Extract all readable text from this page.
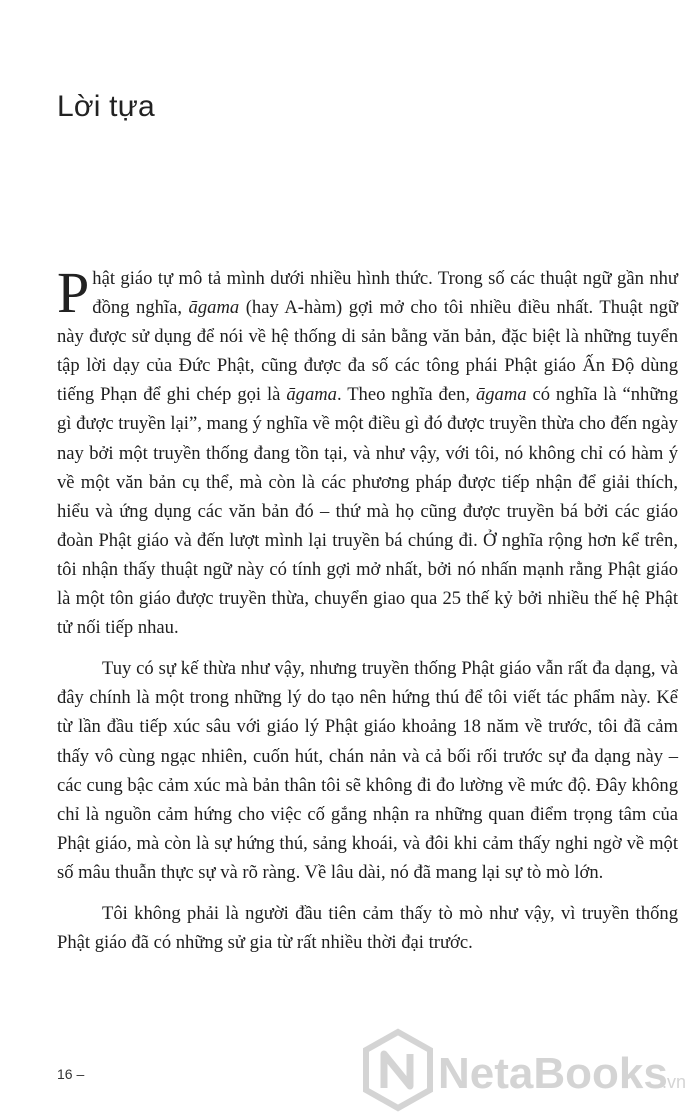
Lời tựa

Phật giáo tự mô tả mình dưới nhiều hình thức. Trong số các thuật ngữ gần như đồng nghĩa, āgama (hay A-hàm) gợi mở cho tôi nhiều điều nhất. Thuật ngữ này được sử dụng để nói về hệ thống di sản bằng văn bản, đặc biệt là những tuyển tập lời dạy của Đức Phật, cũng được đa số các tông phái Phật giáo Ấn Độ dùng tiếng Phạn để ghi chép gọi là āgama. Theo nghĩa đen, āgama có nghĩa là “những gì được truyền lại”, mang ý nghĩa về một điều gì đó được truyền thừa cho đến ngày nay bởi một truyền thống đang tồn tại, và như vậy, với tôi, nó không chỉ có hàm ý về một văn bản cụ thể, mà còn là các phương pháp được tiếp nhận để giải thích, hiểu và ứng dụng các văn bản đó – thứ mà họ cũng được truyền bá bởi các giáo đoàn Phật giáo và đến lượt mình lại truyền bá chúng đi. Ở nghĩa rộng hơn kể trên, tôi nhận thấy thuật ngữ này có tính gợi mở nhất, bởi nó nhấn mạnh rằng Phật giáo là một tôn giáo được truyền thừa, chuyển giao qua 25 thế kỷ bởi nhiều thế hệ Phật tử nối tiếp nhau.

Tuy có sự kế thừa như vậy, nhưng truyền thống Phật giáo vẫn rất đa dạng, và đây chính là một trong những lý do tạo nên hứng thú để tôi viết tác phẩm này. Kể từ lần đầu tiếp xúc sâu với giáo lý Phật giáo khoảng 18 năm về trước, tôi đã cảm thấy vô cùng ngạc nhiên, cuốn hút, chán nản và cả bối rối trước sự đa dạng này – các cung bậc cảm xúc mà bản thân tôi sẽ không đi đo lường về mức độ. Đây không chỉ là nguồn cảm hứng cho việc cố gắng nhận ra những quan điểm trọng tâm của Phật giáo, mà còn là sự hứng thú, sảng khoái, và đôi khi cảm thấy nghi ngờ về một số mâu thuẫn thực sự và rõ ràng. Về lâu dài, nó đã mang lại sự tò mò lớn.

Tôi không phải là người đầu tiên cảm thấy tò mò như vậy, vì truyền thống Phật giáo đã có những sử gia từ rất nhiều thời đại trước.

16 –	NetaBooks
.vn
